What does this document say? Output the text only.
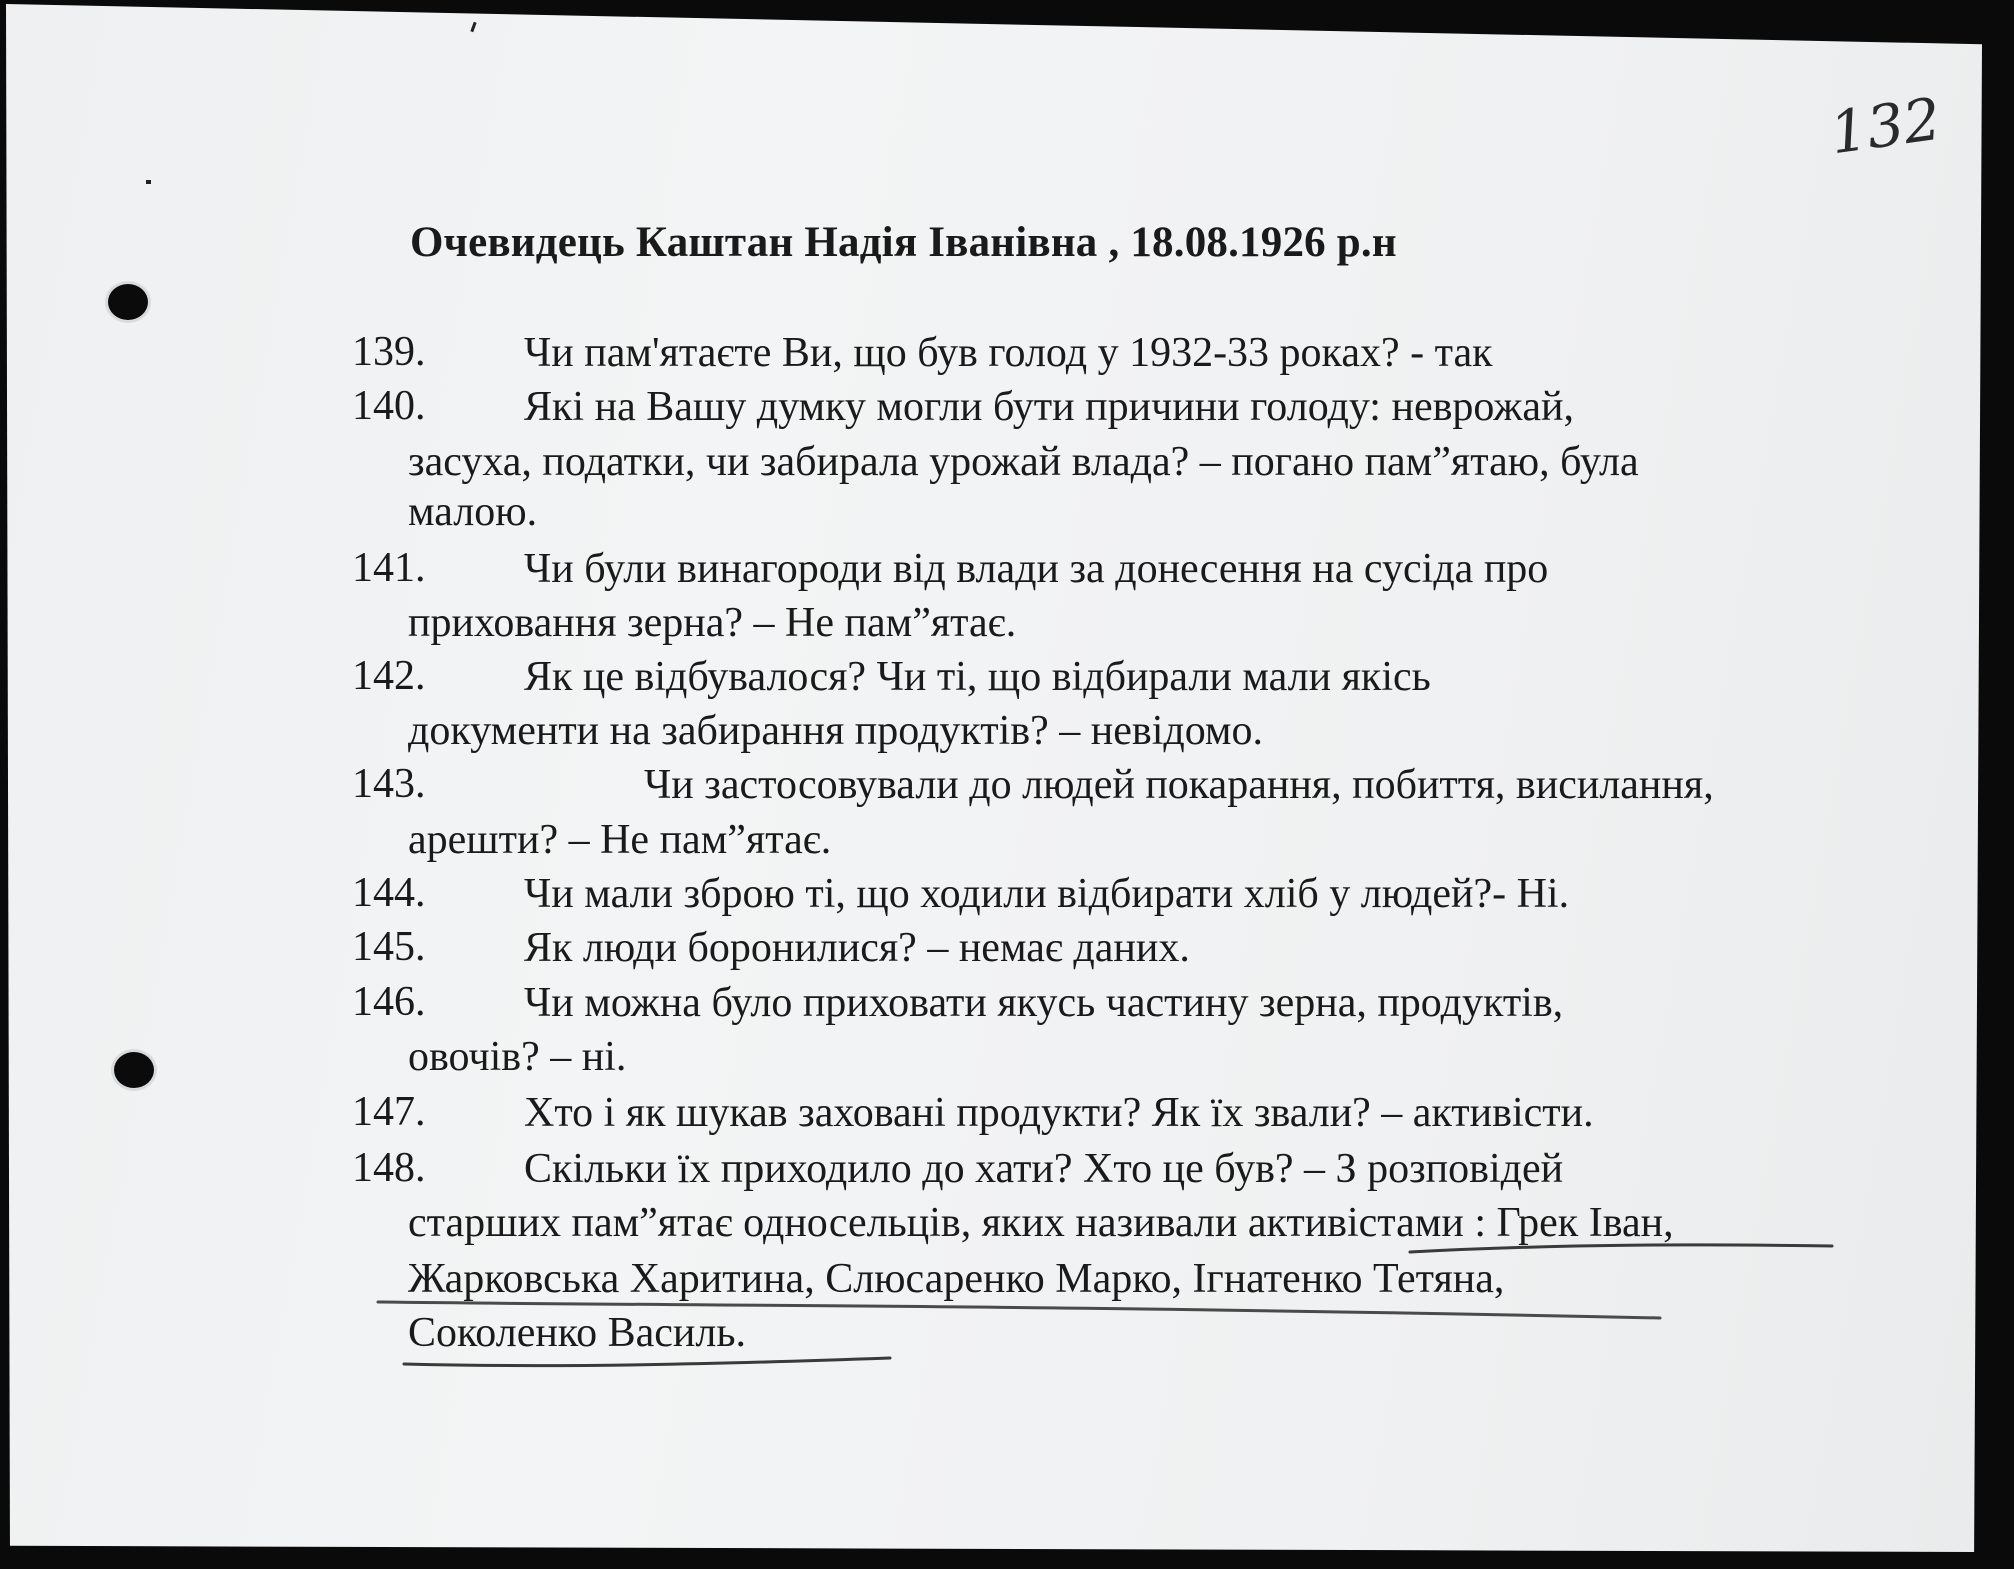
132
Очевидець Каштан Надія Іванівна , 18.08.1926 р.н
139. Чи пам'ятаєте Ви, що був голод у 1932-33 роках? - так
140. Які на Вашу думку могли бути причини голоду: неврожай,
засуха, податки, чи забирала урожай влада? – погано пам”ятаю, була
малою.
141. Чи були винагороди від влади за донесення на сусіда про
приховання зерна? – Не пам”ятає.
142. Як це відбувалося? Чи ті, що відбирали мали якісь
документи на забирання продуктів? – невідомо.
143.	Чи застосовували до людей покарання, побиття, висилання,
арешти? – Не пам”ятає.
144. Чи мали зброю ті, що ходили відбирати хліб у людей?- Ні.
145. Як люди боронилися? – немає даних.
146. Чи можна було приховати якусь частину зерна, продуктів,
овочів? – ні.
147. Хто і як шукав заховані продукти? Як їх звали? – активісти.
148. Скільки їх приходило до хати? Хто це був? – З розповідей
старших пам”ятає односельців, яких називали активістами : Грек Іван,
Жарковська Харитина, Слюсаренко Марко, Ігнатенко Тетяна,
Соколенко Василь.
